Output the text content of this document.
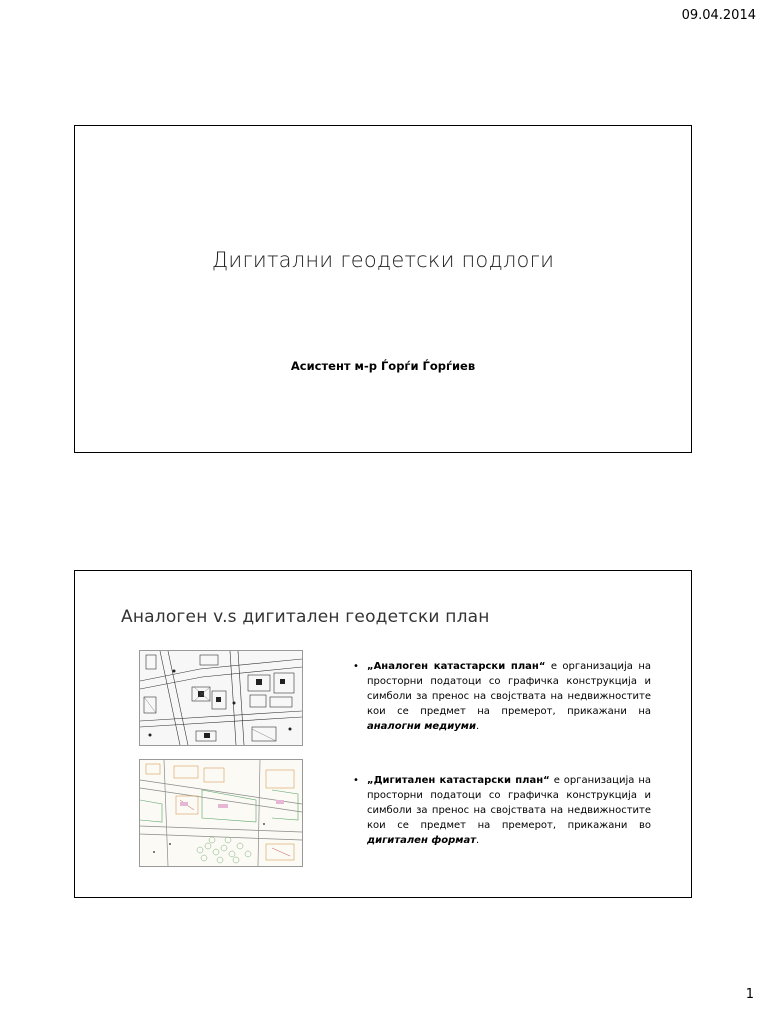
09.04.2014
Дигитални геодетски подлоги
Асистент м-р Ѓорѓи Ѓорѓиев
Аналоген v.s дигитален геодетски план
• „Аналоген катастарски план“ е организација на просторни податоци со графичка конструкција и симболи за пренос на својствата на недвижностите кои се предмет на премерот, прикажани на аналогни медиуми.
• „Дигитален катастарски план“ е организација на просторни податоци со графичка конструкција и симболи за пренос на својствата на недвижностите кои се предмет на премерот, прикажани во дигитален формат.
1
